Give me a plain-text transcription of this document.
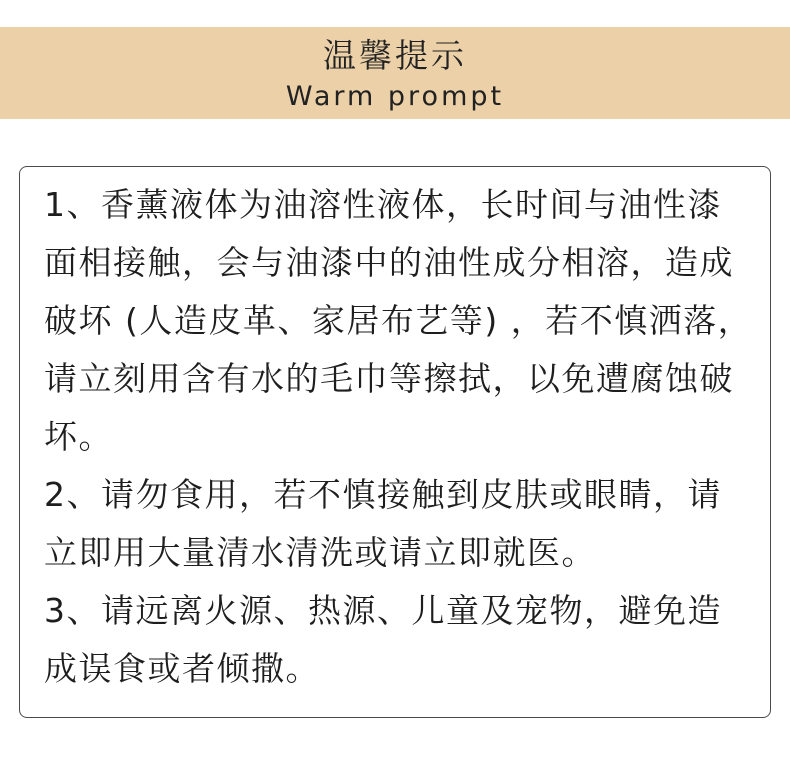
温馨提示
Warm prompt

1、香薰液体为油溶性液体，长时间与油性漆面相接触，会与油漆中的油性成分相溶，造成破坏 (人造皮革、家居布艺等) ，若不慎洒落，请立刻用含有水的毛巾等擦拭，以免遭腐蚀破坏。

2、请勿食用，若不慎接触到皮肤或眼睛，请立即用大量清水清洗或请立即就医。

3、请远离火源、热源、儿童及宠物，避免造成误食或者倾撒。
